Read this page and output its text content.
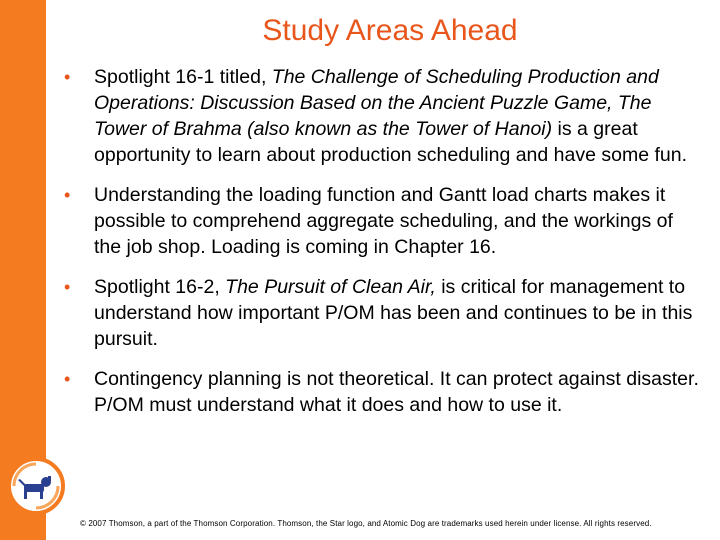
Study Areas Ahead
• Spotlight 16-1 titled, The Challenge of Scheduling Production and Operations: Discussion Based on the Ancient Puzzle Game, The Tower of Brahma (also known as the Tower of Hanoi) is a great opportunity to learn about production scheduling and have some fun.
• Understanding the loading function and Gantt load charts makes it possible to comprehend aggregate scheduling, and the workings of the job shop. Loading is coming in Chapter 16.
• Spotlight 16-2, The Pursuit of Clean Air, is critical for management to understand how important P/OM has been and continues to be in this pursuit.
• Contingency planning is not theoretical. It can protect against disaster. P/OM must understand what it does and how to use it.
© 2007 Thomson, a part of the Thomson Corporation. Thomson, the Star logo, and Atomic Dog are trademarks used herein under license. All rights reserved.
